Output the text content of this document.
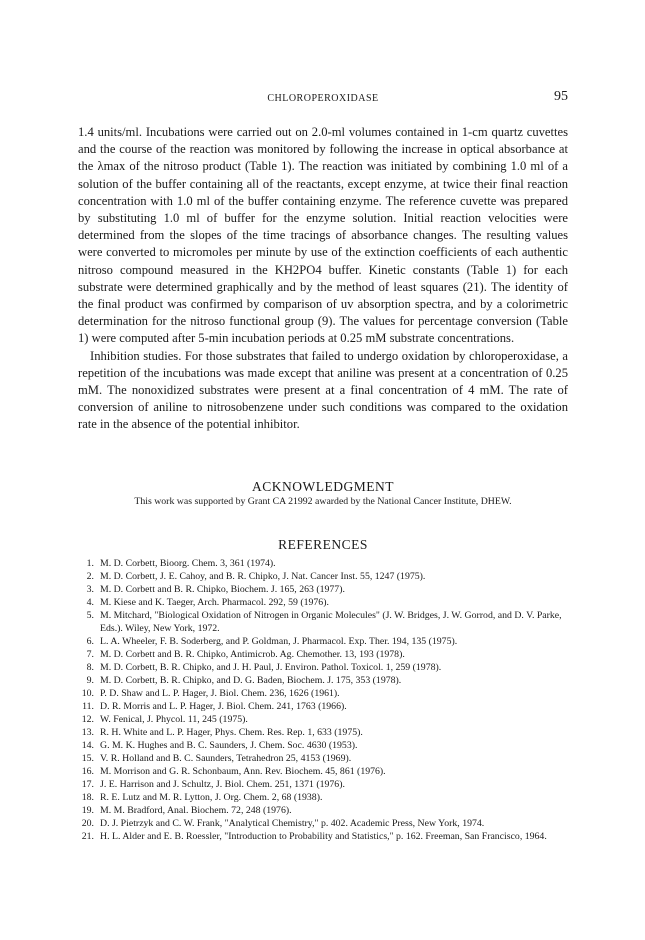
CHLOROPEROXIDASE	95

1.4 units/ml. Incubations were carried out on 2.0-ml volumes contained in 1-cm quartz cuvettes and the course of the reaction was monitored by following the increase in optical absorbance at the λmax of the nitroso product (Table 1). The reaction was initiated by combining 1.0 ml of a solution of the buffer containing all of the reactants, except enzyme, at twice their final reaction concentration with 1.0 ml of the buffer containing enzyme. The reference cuvette was prepared by substituting 1.0 ml of buffer for the enzyme solution. Initial reaction velocities were determined from the slopes of the time tracings of absorbance changes. The resulting values were converted to micromoles per minute by use of the extinction coefficients of each authentic nitroso compound measured in the KH2PO4 buffer. Kinetic constants (Table 1) for each substrate were determined graphically and by the method of least squares (21). The identity of the final product was confirmed by comparison of uv absorption spectra, and by a colorimetric determination for the nitroso functional group (9). The values for percentage conversion (Table 1) were computed after 5-min incubation periods at 0.25 mM substrate concentrations.

Inhibition studies. For those substrates that failed to undergo oxidation by chloroperoxidase, a repetition of the incubations was made except that aniline was present at a concentration of 0.25 mM. The nonoxidized substrates were present at a final concentration of 4 mM. The rate of conversion of aniline to nitrosobenzene under such conditions was compared to the oxidation rate in the absence of the potential inhibitor.

ACKNOWLEDGMENT
This work was supported by Grant CA 21992 awarded by the National Cancer Institute, DHEW.
REFERENCES
1. M. D. Corbett, Bioorg. Chem. 3, 361 (1974).
2. M. D. Corbett, J. E. Cahoy, and B. R. Chipko, J. Nat. Cancer Inst. 55, 1247 (1975).
3. M. D. Corbett and B. R. Chipko, Biochem. J. 165, 263 (1977).
4. M. Kiese and K. Taeger, Arch. Pharmacol. 292, 59 (1976).
5. M. Mitchard, "Biological Oxidation of Nitrogen in Organic Molecules" (J. W. Bridges, J. W. Gorrod, and D. V. Parke, Eds.). Wiley, New York, 1972.
6. L. A. Wheeler, F. B. Soderberg, and P. Goldman, J. Pharmacol. Exp. Ther. 194, 135 (1975).
7. M. D. Corbett and B. R. Chipko, Antimicrob. Ag. Chemother. 13, 193 (1978).
8. M. D. Corbett, B. R. Chipko, and J. H. Paul, J. Environ. Pathol. Toxicol. 1, 259 (1978).
9. M. D. Corbett, B. R. Chipko, and D. G. Baden, Biochem. J. 175, 353 (1978).
10. P. D. Shaw and L. P. Hager, J. Biol. Chem. 236, 1626 (1961).
11. D. R. Morris and L. P. Hager, J. Biol. Chem. 241, 1763 (1966).
12. W. Fenical, J. Phycol. 11, 245 (1975).
13. R. H. White and L. P. Hager, Phys. Chem. Res. Rep. 1, 633 (1975).
14. G. M. K. Hughes and B. C. Saunders, J. Chem. Soc. 4630 (1953).
15. V. R. Holland and B. C. Saunders, Tetrahedron 25, 4153 (1969).
16. M. Morrison and G. R. Schonbaum, Ann. Rev. Biochem. 45, 861 (1976).
17. J. E. Harrison and J. Schultz, J. Biol. Chem. 251, 1371 (1976).
18. R. E. Lutz and M. R. Lytton, J. Org. Chem. 2, 68 (1938).
19. M. M. Bradford, Anal. Biochem. 72, 248 (1976).
20. D. J. Pietrzyk and C. W. Frank, "Analytical Chemistry," p. 402. Academic Press, New York, 1974.
21. H. L. Alder and E. B. Roessler, "Introduction to Probability and Statistics," p. 162. Freeman, San Francisco, 1964.
